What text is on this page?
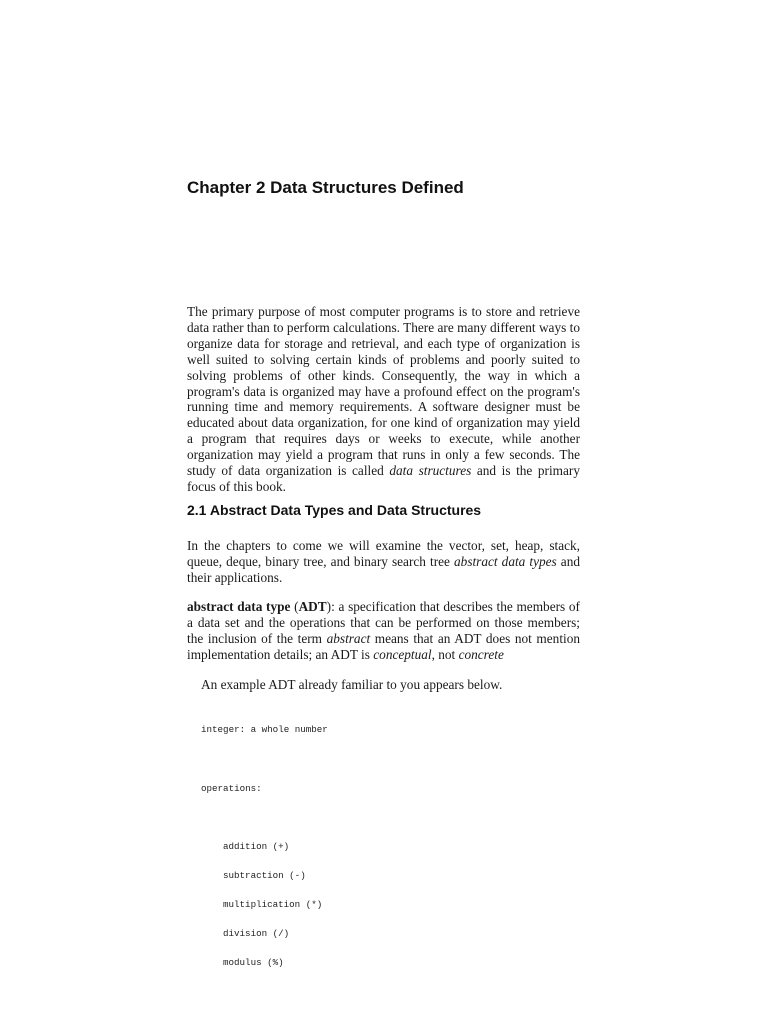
Chapter 2 Data Structures Defined

The primary purpose of most computer programs is to store and retrieve data rather than to perform calculations. There are many different ways to organize data for storage and retrieval, and each type of organization is well suited to solving certain kinds of problems and poorly suited to solving problems of other kinds. Consequently, the way in which a program's data is organized may have a profound effect on the program's running time and memory requirements. A software designer must be educated about data organization, for one kind of organization may yield a program that requires days or weeks to execute, while another organization may yield a program that runs in only a few seconds. The study of data organization is called data structures and is the primary focus of this book.

2.1 Abstract Data Types and Data Structures

In the chapters to come we will examine the vector, set, heap, stack, queue, deque, binary tree, and binary search tree abstract data types and their applications.

abstract data type (ADT): a specification that describes the members of a data set and the operations that can be performed on those members; the inclusion of the term abstract means that an ADT does not mention implementation details; an ADT is conceptual, not concrete

An example ADT already familiar to you appears below.

integer: a whole number

operations:

addition (+)

subtraction (-)

multiplication (*)

division (/)

modulus (%)
